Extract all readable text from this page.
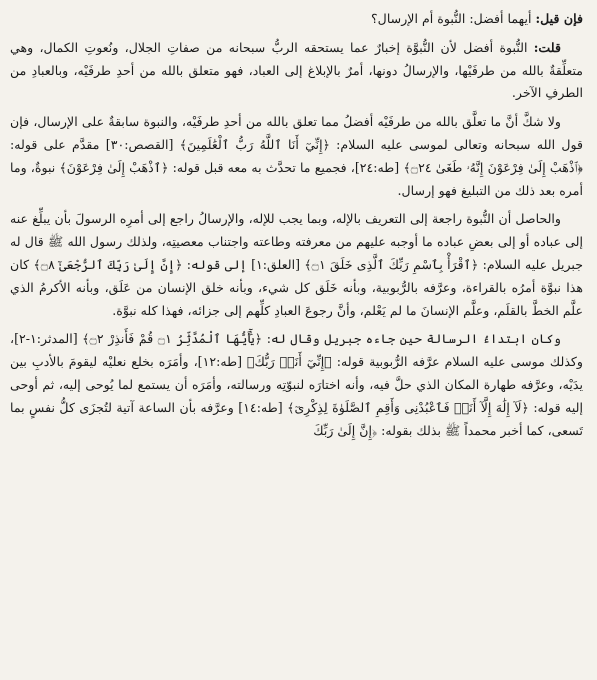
فإن قيل: أيهما أفضل: النُّبوة أم الإرسال؟

قلت: النُّبوة أفضل لأن النُّبوَّة إخبارٌ عما يستحقه الربُّ سبحانه من صفاتِ الجلال، ونُعوتِ الكمال، وهي متعلِّقةٌ بالله من طرفَيْها، والإرسالُ دونها، أمرٌ بالإبلاغ إلى العباد، فهو متعلق بالله من أحدِ طرفَيْه، وبالعبادِ من الطرفِ الآخر.

ولا شكَّ أنَّ ما تعلَّق بالله من طرفَيْه أفضلُ مما تعلق بالله من أحدِ طرفَيْه، والنبوة سابقةٌ على الإرسال، فإن قول الله سبحانه وتعالى لموسى عليه السلام: ﴿إِنِّيٓ أَنَا ٱللَّهُ رَبُّ ٱلْعَٰلَمِينَ﴾ [القصص:٣٠] مقدَّم على قوله: ﴿ٱذْهَبْ إِلَىٰ فِرْعَوْنَ إِنَّهُۥ طَغَىٰ ۝٢٤﴾ [طه:٢٤]، فجميع ما تحدَّث به معه قبل قوله: ﴿ٱذْهَبْ إِلَىٰ فِرْعَوْنَ﴾ نبوةٌ، وما أمره بعد ذلك من التبليغ فهو إرسال.

والحاصل أن النُّبوة راجعة إلى التعريف بالإله، وبما يجب للإله، والإرسالُ راجع إلى أمرِه الرسولَ بأن يبلِّغ عنه إلى عباده أو إلى بعضِ عباده ما أوجبه عليهم من معرفته وطاعته واجتناب معصيتِه، ولذلك رسول الله ﷺ قال له جبريل عليه السلام: ﴿ٱقْرَأْ بِٱسْمِ رَبِّكَ ٱلَّذِى خَلَقَ ۝١﴾ [العلق:١] إلى قوله: ﴿إِنَّ إِلَىٰ رَبِّكَ ٱلرُّجْعَىٰٓ ۝٨﴾ كان هذا نبوَّة أمرُه بالقراءة، وعرَّفه بالرُّبوبية، وبأنه خَلَق كل شيء، وبأنه خلق الإنسان من عَلَق، وبأنه الأكرمُ الذي علَّم الخطَّ بالقلَم، وعلَّم الإنسانَ ما لم يَعْلم، وأنَّ رجوعَ العبادِ كلِّهم إلى جزائه، فهذا كله نبوَّة.

وكان ابتداءُ الرسالة حين جاءه جبريل وقال له: ﴿يَٰٓأَيُّهَا ٱلْمُدَّثِّرُ ۝١ قُمْ فَأَنذِرْ ۝٢﴾ [المدثر:١-٢]، وكذلك موسى عليه السلام عرَّفه الرُّبوبية قوله: ﴿إِنِّيٓ أَنَا۠ رَبُّكَ﴾ [طه:١٢]، وأمَرَه بخلع نعليْه ليقومَ بالأدبِ بين يدَيْه، وعرَّفه طهارة المكان الذي حلَّ فيه، وأنه اختارَه لنبوّتِه ورسالته، وأمَرَه أن يستمع لما يُوحى إليه، ثم أوحى إليه قوله: ﴿لَآ إِلَٰهَ إِلَّآ أَنَا۠ فَٱعْبُدْنِى وَأَقِمِ ٱلصَّلَوٰةَ لِذِكْرِىٓ﴾ [طه:١٤] وعرَّفه بأن الساعة آتية لتُجزَى كلُّ نفسٍ بما تَسعى، كما أخبر محمداً ﷺ بذلك بقوله: ﴿إِنَّ إِلَىٰ رَبِّكَ
